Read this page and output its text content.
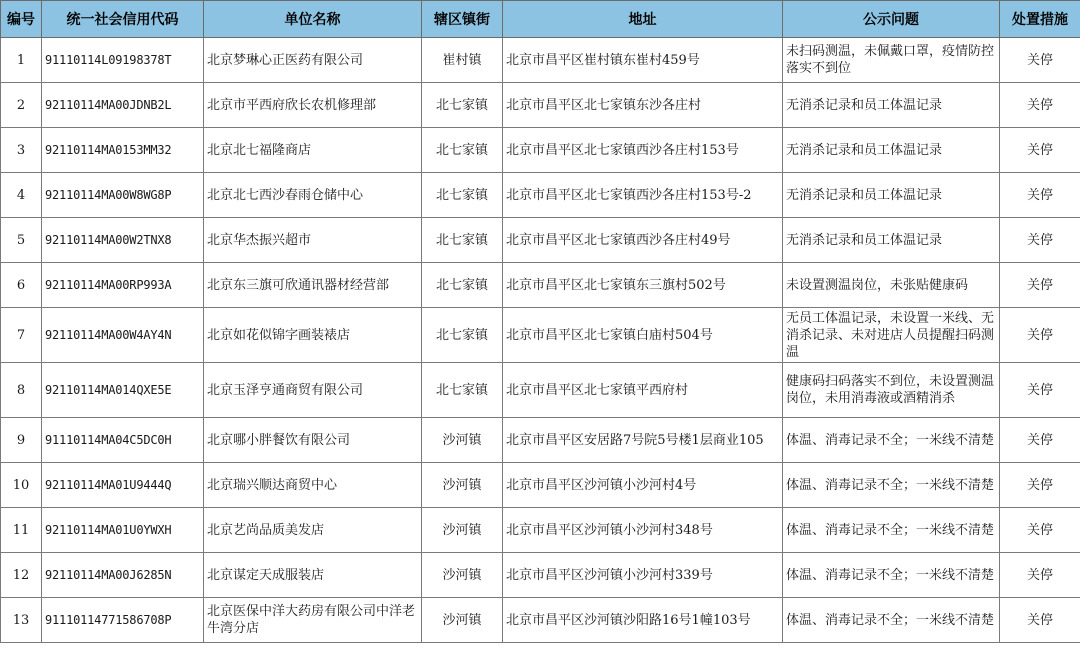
编号	统一社会信用代码	单位名称	辖区镇街	地址	公示问题	处置措施
1	91110114L09198378T	北京梦琳心正医药有限公司	崔村镇	北京市昌平区崔村镇东崔村459号	未扫码测温，未佩戴口罩，疫情防控落实不到位	关停
2	92110114MA00JDNB2L	北京市平西府欣长农机修理部	北七家镇	北京市昌平区北七家镇东沙各庄村	无消杀记录和员工体温记录	关停
3	92110114MA0153MM32	北京北七福隆商店	北七家镇	北京市昌平区北七家镇西沙各庄村153号	无消杀记录和员工体温记录	关停
4	92110114MA00W8WG8P	北京北七西沙春雨仓储中心	北七家镇	北京市昌平区北七家镇西沙各庄村153号-2	无消杀记录和员工体温记录	关停
5	92110114MA00W2TNX8	北京华杰振兴超市	北七家镇	北京市昌平区北七家镇西沙各庄村49号	无消杀记录和员工体温记录	关停
6	92110114MA00RP993A	北京东三旗可欣通讯器材经营部	北七家镇	北京市昌平区北七家镇东三旗村502号	未设置测温岗位，未张贴健康码	关停
7	92110114MA00W4AY4N	北京如花似锦字画装裱店	北七家镇	北京市昌平区北七家镇白庙村504号	无员工体温记录，未设置一米线、无消杀记录、未对进店人员提醒扫码测温	关停
8	92110114MA014QXE5E	北京玉泽亨通商贸有限公司	北七家镇	北京市昌平区北七家镇平西府村	健康码扫码落实不到位，未设置测温岗位，未用消毒液或酒精消杀	关停
9	91110114MA04C5DC0H	北京哪小胖餐饮有限公司	沙河镇	北京市昌平区安居路7号院5号楼1层商业105	体温、消毒记录不全；一米线不清楚	关停
10	92110114MA01U9444Q	北京瑞兴顺达商贸中心	沙河镇	北京市昌平区沙河镇小沙河村4号	体温、消毒记录不全；一米线不清楚	关停
11	92110114MA01U0YWXH	北京艺尚品质美发店	沙河镇	北京市昌平区沙河镇小沙河村348号	体温、消毒记录不全；一米线不清楚	关停
12	92110114MA00J6285N	北京谋定天成服装店	沙河镇	北京市昌平区沙河镇小沙河村339号	体温、消毒记录不全；一米线不清楚	关停
13	91110114771586708P	北京医保中洋大药房有限公司中洋老牛湾分店	沙河镇	北京市昌平区沙河镇沙阳路16号1幢103号	体温、消毒记录不全；一米线不清楚	关停
